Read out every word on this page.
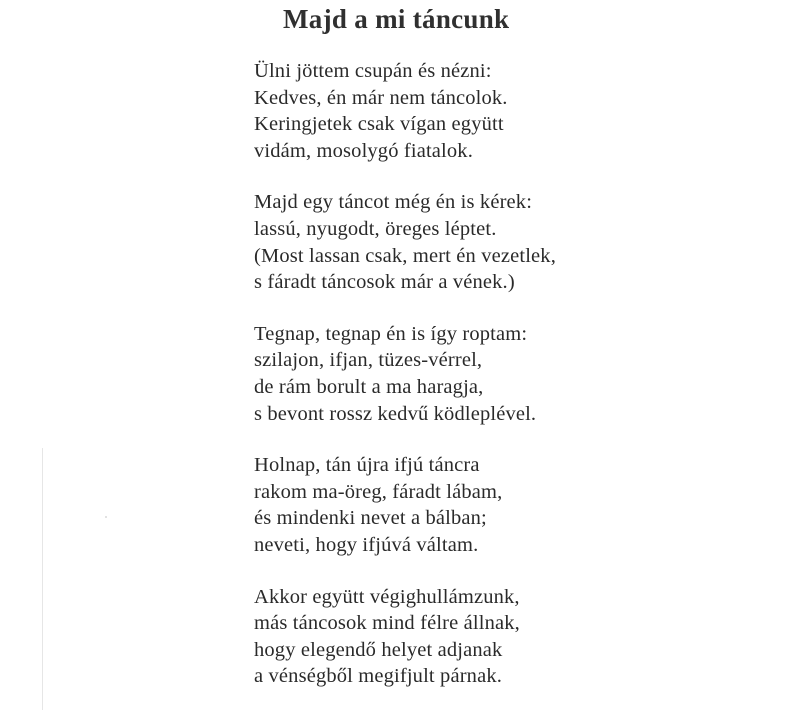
Majd a mi táncunk
Ülni jöttem csupán és nézni:
Kedves, én már nem táncolok.
Keringjetek csak vígan együtt
vidám, mosolygó fiatalok.
Majd egy táncot még én is kérek:
lassú, nyugodt, öreges léptet.
(Most lassan csak, mert én vezetlek,
s fáradt táncosok már a vének.)
Tegnap, tegnap én is így roptam:
szilajon, ifjan, tüzes-vérrel,
de rám borult a ma haragja,
s bevont rossz kedvű ködleplével.
Holnap, tán újra ifjú táncra
rakom ma-öreg, fáradt lábam,
és mindenki nevet a bálban;
neveti, hogy ifjúvá váltam.
Akkor együtt végighullámzunk,
más táncosok mind félre állnak,
hogy elegendő helyet adjanak
a vénségből megifjult párnak.
